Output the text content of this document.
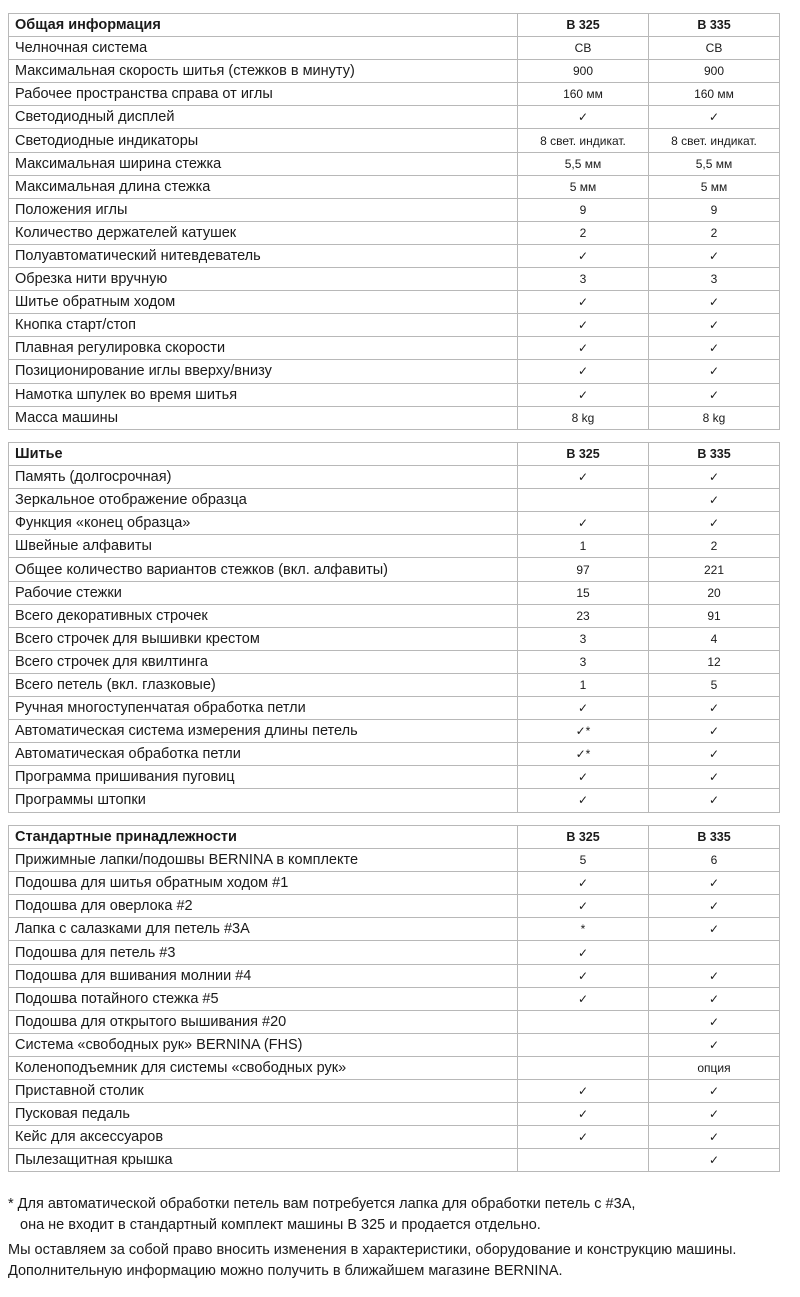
Общая информация	B 325	B 335
Челночная система	CB	CB
Максимальная скорость шитья (стежков в минуту)	900	900
Рабочее пространства справа от иглы	160 мм	160 мм
Светодиодный дисплей	✓	✓
Светодиодные индикаторы	8 свет. индикат.	8 свет. индикат.
Максимальная ширина стежка	5,5 мм	5,5 мм
Максимальная длина стежка	5 мм	5 мм
Положения иглы	9	9
Количество держателей катушек	2	2
Полуавтоматический нитевдеватель	✓	✓
Обрезка нити вручную	3	3
Шитье обратным ходом	✓	✓
Кнопка старт/стоп	✓	✓
Плавная регулировка скорости	✓	✓
Позиционирование иглы вверху/внизу	✓	✓
Намотка шпулек во время шитья	✓	✓
Масса машины	8 kg	8 kg
Шитье	B 325	B 335
Память (долгосрочная)	✓	✓
Зеркальное отображение образца		✓
Функция «конец образца»	✓	✓
Швейные алфавиты	1	2
Общее количество вариантов стежков (вкл. алфавиты)	97	221
Рабочие стежки	15	20
Всего декоративных строчек	23	91
Всего строчек для вышивки крестом	3	4
Всего строчек для квилтинга	3	12
Всего петель (вкл. глазковые)	1	5
Ручная многоступенчатая обработка петли	✓	✓
Автоматическая система измерения длины петель	✓*	✓
Автоматическая обработка петли	✓*	✓
Программа пришивания пуговиц	✓	✓
Программы штопки	✓	✓
Стандартные принадлежности	B 325	B 335
Прижимные лапки/подошвы BERNINA в комплекте	5	6
Подошва для шитья обратным ходом #1	✓	✓
Подошва для оверлока #2	✓	✓
Лапка с салазками для петель #3A	*	✓
Подошва для петель #3	✓	
Подошва для вшивания молнии #4	✓	✓
Подошва потайного стежка #5	✓	✓
Подошва для открытого вышивания #20		✓
Система «свободных рук» BERNINA (FHS)		✓
Коленоподъемник для системы «свободных рук»		опция
Приставной столик	✓	✓
Пусковая педаль	✓	✓
Кейс для аксессуаров	✓	✓
Пылезащитная крышка		✓

* Для автоматической обработки петель вам потребуется лапка для обработки петель с #3A,

она не входит в стандартный комплект машины B 325 и продается отдельно.

Мы оставляем за собой право вносить изменения в характеристики, оборудование и конструкцию машины.

Дополнительную информацию можно получить в ближайшем магазине BERNINA.
